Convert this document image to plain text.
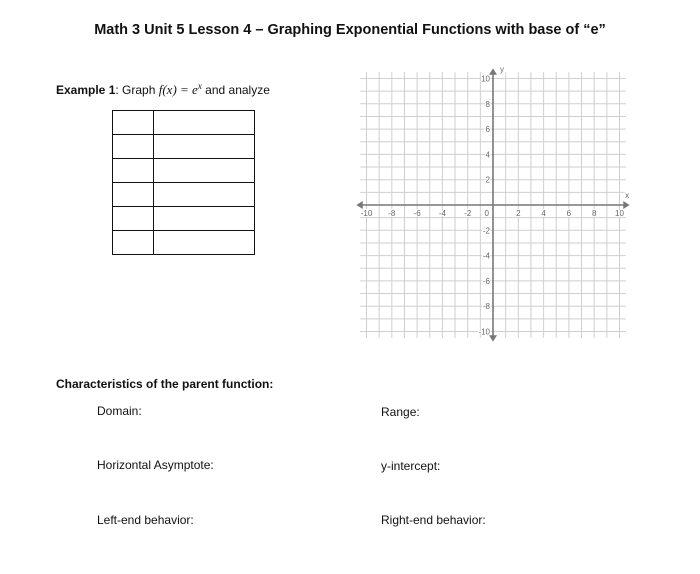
Math 3 Unit 5 Lesson 4 – Graphing Exponential Functions with base of “e”
Example 1: Graph $f(x) = e^x$ and analyze

-10 -8 -6 -4 -2 0	2	4	6	8 10
10
8
6
4
2
-2
-4
-6
-8
-10
x
y
Characteristics of the parent function:
Domain:	Range:
Horizontal Asymptote:	y-intercept:
Left-end behavior:	Right-end behavior:
